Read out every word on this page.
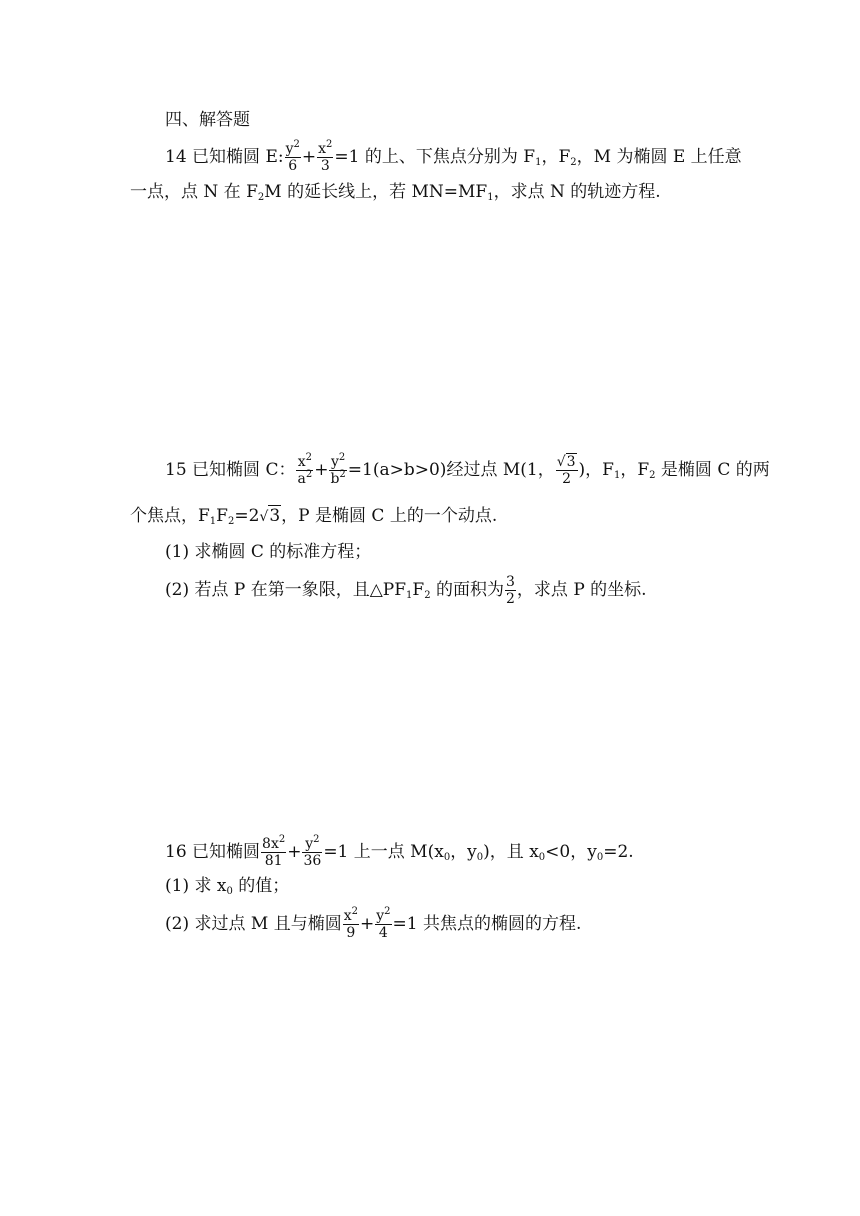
四、解答题
14 已知椭圆 E: $\frac{y^2}{6} + \frac{x^2}{3} =1$ 的上、下焦点分别为 $F_1$，$F_2$，M 为椭圆 E 上任意
一点，点 N 在 $F_2M$ 的延长线上，若 $MN=MF_1$，求点 N 的轨迹方程.
15 已知椭圆 C： $\frac{x^2}{a^2} + \frac{y^2}{b^2} =1(a>b>0)$经过点 M(1， $\frac{√3}{2}$ )，$F_1$，$F_2$ 是椭圆 C 的两
个焦点，$F_1F_2=2√3$，P 是椭圆 C 上的一个动点.
(1) 求椭圆 C 的标准方程；
(2) 若点 P 在第一象限，且$\triangle PF_1F_2$ 的面积为 $\frac{3}{2}$ ，求点 P 的坐标.
16 已知椭圆 $\frac{8x^2}{81} + \frac{y^2}{36} =1$ 上一点 $M(x_0$，$y_0$)，且 $x_0<0$，$y_0=2$.
(1) 求 $x_0$ 的值；
(2) 求过点 M 且与椭圆 $\frac{x^2}{9} + \frac{y^2}{4} =1$ 共焦点的椭圆的方程.
